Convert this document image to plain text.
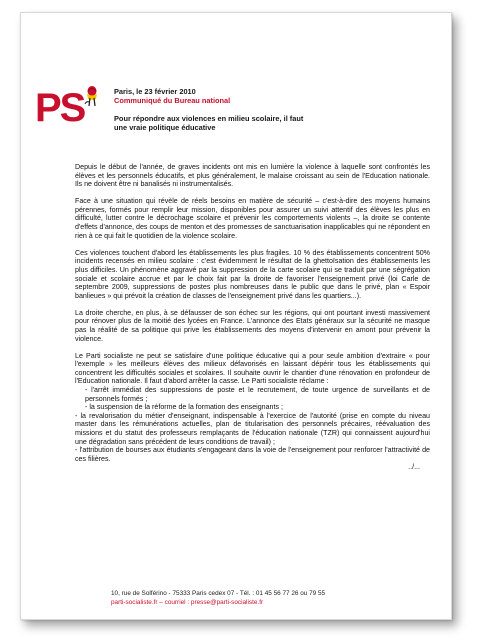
PS	Paris, le 23 février 2010
Communiqué du Bureau national
Pour répondre aux violences en milieu scolaire, il faut une vraie politique éducative

Depuis le début de l'année, de graves incidents ont mis en lumière la violence à laquelle sont confrontés les élèves et les personnels éducatifs, et plus généralement, le malaise croissant au sein de l'Education nationale. Ils ne doivent être ni banalisés ni instrumentalisés.

Face à une situation qui révèle de réels besoins en matière de sécurité – c'est-à-dire des moyens humains pérennes, formés pour remplir leur mission, disponibles pour assurer un suivi attentif des élèves les plus en difficulté, lutter contre le décrochage scolaire et prévenir les comportements violents –, la droite se contente d'effets d'annonce, des coups de menton et des promesses de sanctuarisation inapplicables qui ne répondent en rien à ce qui fait le quotidien de la violence scolaire.

Ces violences touchent d'abord les établissements les plus fragiles. 10 % des établissements concentrent 50% incidents recensés en milieu scolaire : c'est évidemment le résultat de la ghettoïsation des établissements les plus difficiles. Un phénomène aggravé par la suppression de la carte scolaire qui se traduit par une ségrégation sociale et scolaire accrue et par le choix fait par la droite de favoriser l'enseignement privé (loi Carle de septembre 2009, suppressions de postes plus nombreuses dans le public que dans le privé, plan « Espoir banlieues » qui prévoit la création de classes de l'enseignement privé dans les quartiers...).

La droite cherche, en plus, à se défausser de son échec sur les régions, qui ont pourtant investi massivement pour rénover plus de la moitié des lycées en France. L'annonce des Etats généraux sur la sécurité ne masque pas la réalité de sa politique qui prive les établissements des moyens d'intervenir en amont pour prévenir la violence.

Le Parti socialiste ne peut se satisfaire d'une politique éducative qui a pour seule ambition d'extraire « pour l'exemple » les meilleurs élèves des milieux défavorisés en laissant dépérir tous les établissements qui concentrent les difficultés sociales et scolaires. Il souhaite ouvrir le chantier d'une rénovation en profondeur de l'Education nationale. Il faut d'abord arrêter la casse. Le Parti socialiste réclame :

- l'arrêt immédiat des suppressions de poste et le recrutement, de toute urgence de surveillants et de personnels formés ;

- la suspension de la réforme de la formation des enseignants ;

- la revalorisation du métier d'enseignant, indispensable à l'exercice de l'autorité (prise en compte du niveau master dans les rémunérations actuelles, plan de titularisation des personnels précaires, réévaluation des missions et du statut des professeurs remplaçants de l'éducation nationale (TZR) qui connaissent aujourd'hui une dégradation sans précédent de leurs conditions de travail) ;

- l'attribution de bourses aux étudiants s'engageant dans la voie de l'enseignement pour renforcer l'attractivité de ces filières.

../...

10, rue de Solférino - 75333 Paris cedex 07 - Tél. : 01 45 56 77 26 ou 79 55
parti-socialiste.fr – courriel : presse@parti-socialiste.fr
